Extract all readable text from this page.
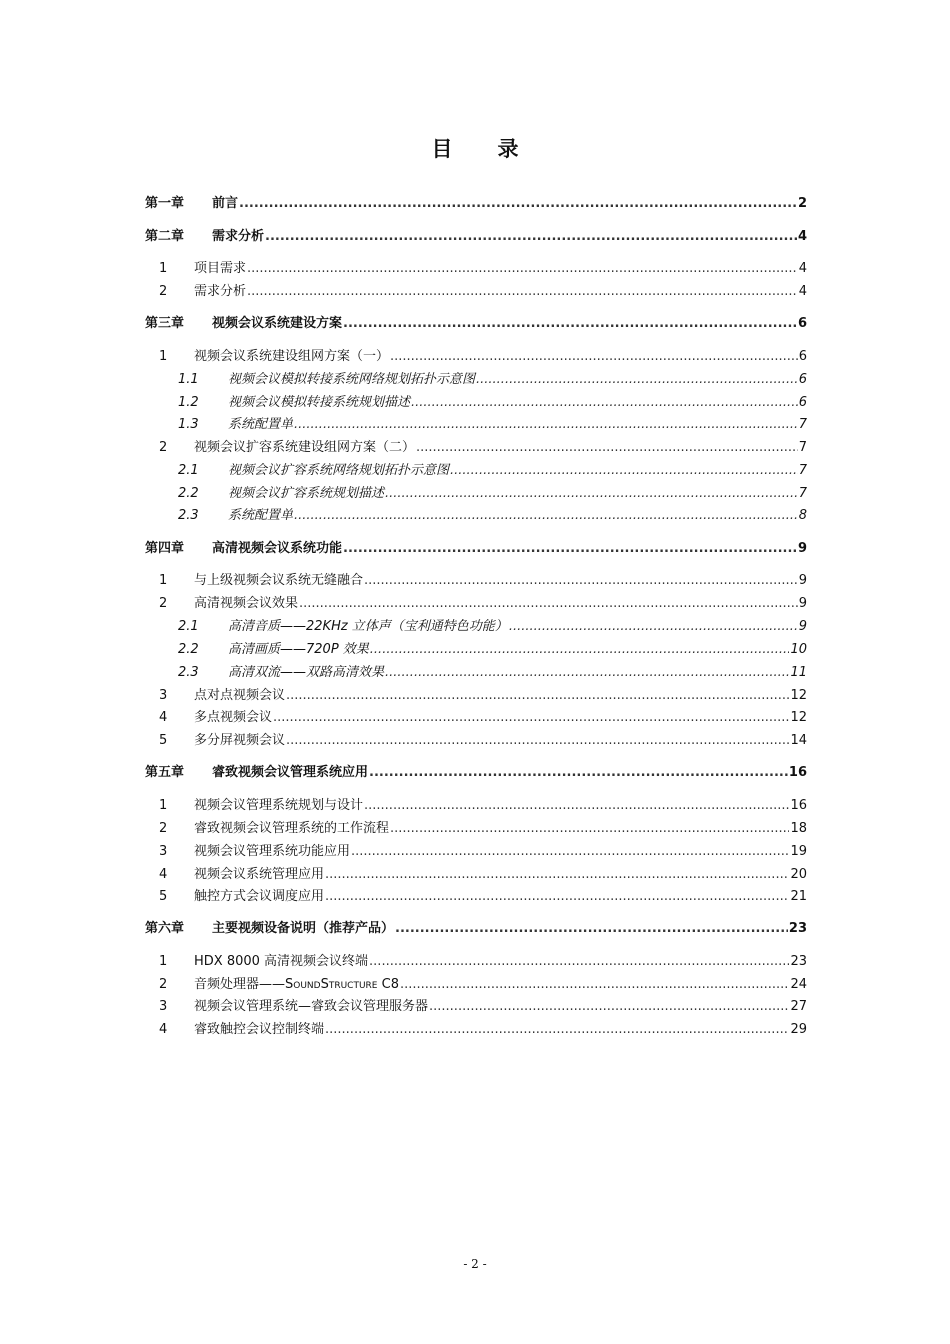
目　录
第一章	前言 .....	2
第二章	需求分析 .....	4
1	项目需求 .....	4
2	需求分析 .....	4
第三章	视频会议系统建设方案 .....	6
1	视频会议系统建设组网方案（一） .....	6
1.1	视频会议模拟转接系统网络规划拓扑示意图 .....	6
1.2	视频会议模拟转接系统规划描述 .....	6
1.3	系统配置单 .....	7
2	视频会议扩容系统建设组网方案（二） .....	7
2.1	视频会议扩容系统网络规划拓扑示意图 .....	7
2.2	视频会议扩容系统规划描述 .....	7
2.3	系统配置单 .....	8
第四章	高清视频会议系统功能 .....	9
1	与上级视频会议系统无缝融合 .....	9
2	高清视频会议效果 .....	9
2.1	高清音质——22KHz 立体声（宝利通特色功能） .....	9
2.2	高清画质——720P 效果 .....	10
2.3	高清双流——双路高清效果 .....	11
3	点对点视频会议 .....	12
4	多点视频会议 .....	12
5	多分屏视频会议 .....	14
第五章	睿致视频会议管理系统应用 .....	16
1	视频会议管理系统规划与设计 .....	16
2	睿致视频会议管理系统的工作流程 .....	18
3	视频会议管理系统功能应用 .....	19
4	视频会议系统管理应用 .....	20
5	触控方式会议调度应用 .....	21
第六章	主要视频设备说明（推荐产品） .....	23
1	HDX 8000 高清视频会议终端 .....	23
2	音频处理器——SoundStructure C8 .....	24
3	视频会议管理系统—睿致会议管理服务器 .....	27
4	睿致触控会议控制终端 .....	29
- 2 -
